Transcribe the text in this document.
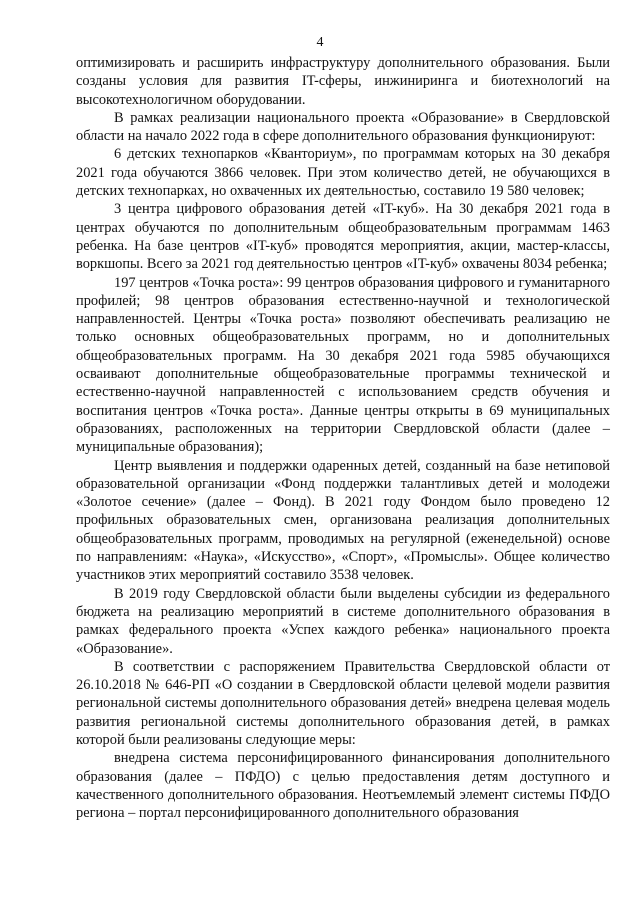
4

оптимизировать и расширить инфраструктуру дополнительного образования. Были созданы условия для развития IT-сферы, инжиниринга и биотехнологий на высокотехнологичном оборудовании.

В рамках реализации национального проекта «Образование» в Свердловской области на начало 2022 года в сфере дополнительного образования функционируют:

6 детских технопарков «Кванториум», по программам которых на 30 декабря 2021 года обучаются 3866 человек. При этом количество детей, не обучающихся в детских технопарках, но охваченных их деятельностью, составило 19 580 человек;

3 центра цифрового образования детей «IT-куб». На 30 декабря 2021 года в центрах обучаются по дополнительным общеобразовательным программам 1463 ребенка. На базе центров «IT-куб» проводятся мероприятия, акции, мастер-классы, воркшопы. Всего за 2021 год деятельностью центров «IT-куб» охвачены 8034 ребенка;

197 центров «Точка роста»: 99 центров образования цифрового и гуманитарного профилей; 98 центров образования естественно-научной и технологической направленностей. Центры «Точка роста» позволяют обеспечивать реализацию не только основных общеобразовательных программ, но и дополнительных общеобразовательных программ. На 30 декабря 2021 года 5985 обучающихся осваивают дополнительные общеобразовательные программы технической и естественно-научной направленностей с использованием средств обучения и воспитания центров «Точка роста». Данные центры открыты в 69 муниципальных образованиях, расположенных на территории Свердловской области (далее – муниципальные образования);

Центр выявления и поддержки одаренных детей, созданный на базе нетиповой образовательной организации «Фонд поддержки талантливых детей и молодежи «Золотое сечение» (далее – Фонд). В 2021 году Фондом было проведено 12 профильных образовательных смен, организована реализация дополнительных общеобразовательных программ, проводимых на регулярной (еженедельной) основе по направлениям: «Наука», «Искусство», «Спорт», «Промыслы». Общее количество участников этих мероприятий составило 3538 человек.

В 2019 году Свердловской области были выделены субсидии из федерального бюджета на реализацию мероприятий в системе дополнительного образования в рамках федерального проекта «Успех каждого ребенка» национального проекта «Образование».

В соответствии с распоряжением Правительства Свердловской области от 26.10.2018 № 646-РП «О создании в Свердловской области целевой модели развития региональной системы дополнительного образования детей» внедрена целевая модель развития региональной системы дополнительного образования детей, в рамках которой были реализованы следующие меры:

внедрена система персонифицированного финансирования дополнительного образования (далее – ПФДО) с целью предоставления детям доступного и качественного дополнительного образования. Неотъемлемый элемент системы ПФДО региона – портал персонифицированного дополнительного образования
